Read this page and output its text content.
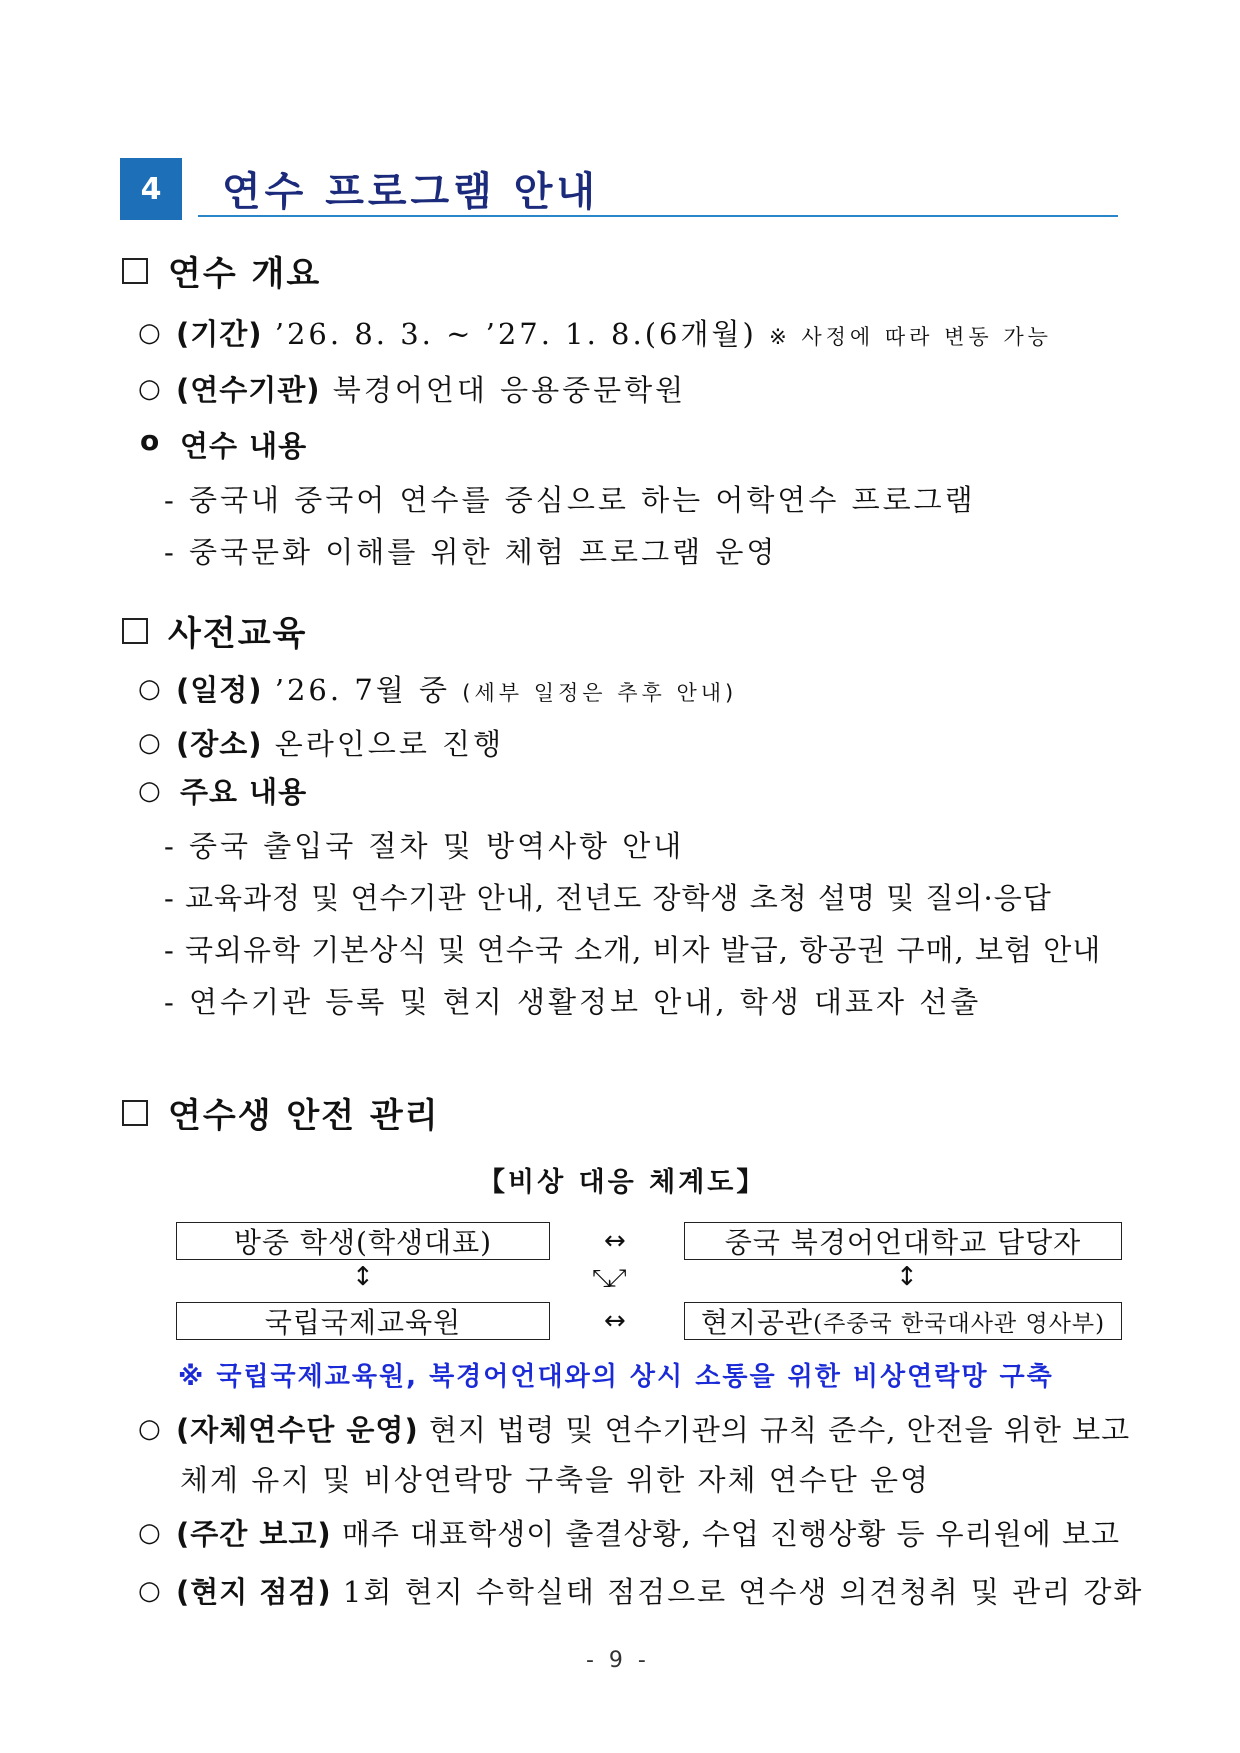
4	연수 프로그램 안내
연수 개요
○ (기간) ’26. 8. 3. ~ ’27. 1. 8.(6개월) ※ 사정에 따라 변동 가능
○ (연수기관) 북경어언대 응용중문학원
o 연수 내용
- 중국내 중국어 연수를 중심으로 하는 어학연수 프로그램
- 중국문화 이해를 위한 체험 프로그램 운영
사전교육
○ (일정) ’26. 7월 중 (세부 일정은 추후 안내)
○ (장소) 온라인으로 진행
○ 주요 내용
- 중국 출입국 절차 및 방역사항 안내
- 교육과정 및 연수기관 안내, 전년도 장학생 초청 설명 및 질의·응답
- 국외유학 기본상식 및 연수국 소개, 비자 발급, 항공권 구매, 보험 안내
- 연수기관 등록 및 현지 생활정보 안내, 학생 대표자 선출
연수생 안전 관리
【비상 대응 체계도】
방중 학생(학생대표)	중국 북경어언대학교 담당자
국립국제교육원	현지공관 (주중국 한국대사관 영사부)
↔
↔
↕	↕
⤡⤢
※ 국립국제교육원, 북경어언대와의 상시 소통을 위한 비상연락망 구축
○ (자체연수단 운영) 현지 법령 및 연수기관의 규칙 준수, 안전을 위한 보고
체계 유지 및 비상연락망 구축을 위한 자체 연수단 운영
○ (주간 보고) 매주 대표학생이 출결상황, 수업 진행상황 등 우리원에 보고
○ (현지 점검) 1회 현지 수학실태 점검으로 연수생 의견청취 및 관리 강화
- 9 -
